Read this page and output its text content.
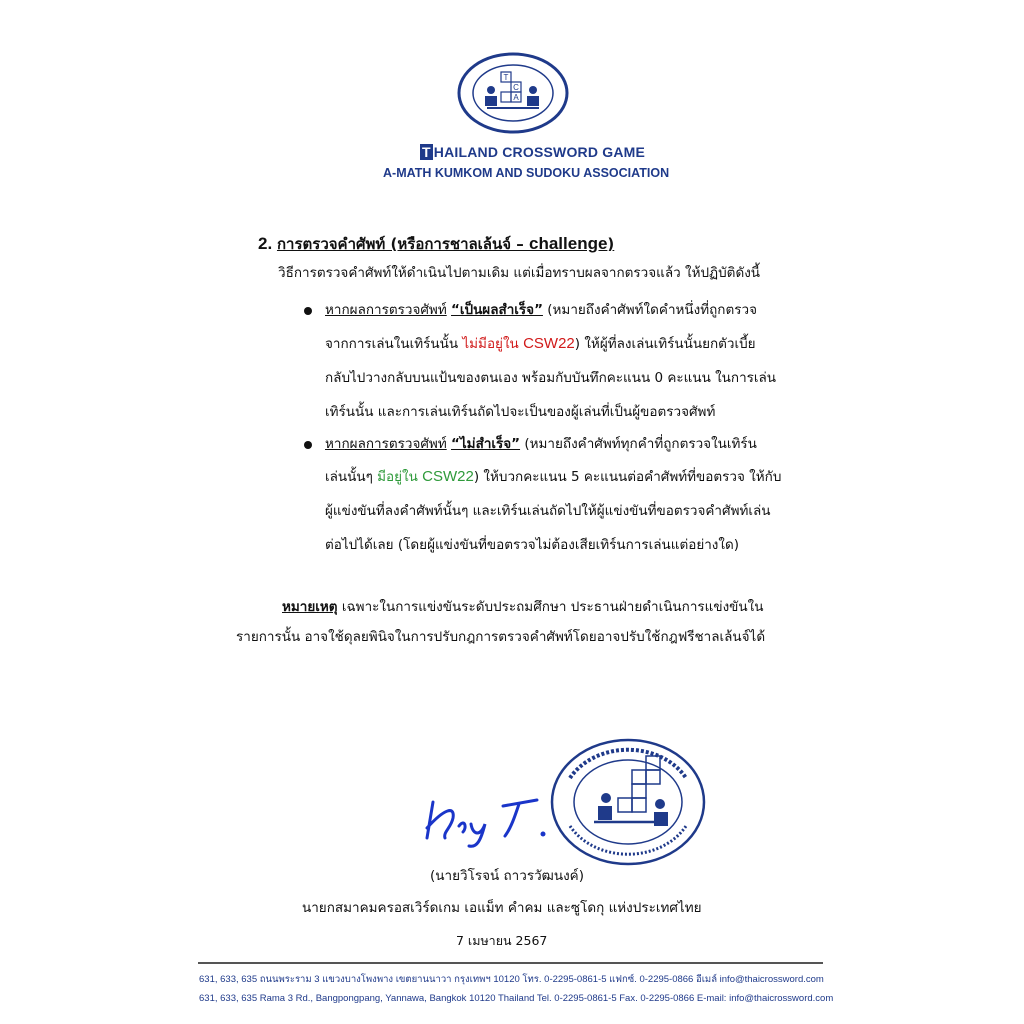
T
C
A
T HAILAND CROSSWORD GAME
A-MATH KUMKOM AND SUDOKU ASSOCIATION
2. การตรวจคำศัพท์ (หรือการชาลเล้นจ์ – challenge)
วิธีการตรวจคำศัพท์ให้ดำเนินไปตามเดิม แต่เมื่อทราบผลจากตรวจแล้ว ให้ปฏิบัติดังนี้
หากผลการตรวจศัพท์ “เป็นผลสำเร็จ” (หมายถึงคำศัพท์ใดคำหนึ่งที่ถูกตรวจ
จากการเล่นในเทิร์นนั้น ไม่มีอยู่ใน CSW22) ให้ผู้ที่ลงเล่นเทิร์นนั้นยกตัวเบี้ย
กลับไปวางกลับบนแป้นของตนเอง พร้อมกับบันทึกคะแนน 0 คะแนน ในการเล่น
เทิร์นนั้น และการเล่นเทิร์นถัดไปจะเป็นของผู้เล่นที่เป็นผู้ขอตรวจศัพท์
หากผลการตรวจศัพท์ “ไม่สำเร็จ” (หมายถึงคำศัพท์ทุกคำที่ถูกตรวจในเทิร์น
เล่นนั้นๆ มีอยู่ใน CSW22) ให้บวกคะแนน 5 คะแนนต่อคำศัพท์ที่ขอตรวจ ให้กับ
ผู้แข่งขันที่ลงคำศัพท์นั้นๆ และเทิร์นเล่นถัดไปให้ผู้แข่งขันที่ขอตรวจคำศัพท์เล่น
ต่อไปได้เลย (โดยผู้แข่งขันที่ขอตรวจไม่ต้องเสียเทิร์นการเล่นแต่อย่างใด)
หมายเหตุ เฉพาะในการแข่งขันระดับประถมศึกษา ประธานฝ่ายดำเนินการแข่งขันใน
รายการนั้น อาจใช้ดุลยพินิจในการปรับกฎการตรวจคำศัพท์โดยอาจปรับใช้กฎฟรีชาลเล้นจ์ได้
(นายวิโรจน์ ถาวรวัฒนงค์)
นายกสมาคมครอสเวิร์ดเกม เอแม็ท คำคม และซูโดกุ แห่งประเทศไทย
7 เมษายน 2567
631, 633, 635 ถนนพระราม 3 แขวงบางโพงพาง เขตยานนาวา กรุงเทพฯ 10120 โทร. 0-2295-0861-5 แฟกซ์. 0-2295-0866 อีเมล์ info@thaicrossword.com
631, 633, 635 Rama 3 Rd., Bangpongpang, Yannawa, Bangkok 10120 Thailand Tel. 0-2295-0861-5 Fax. 0-2295-0866 E-mail: info@thaicrossword.com
